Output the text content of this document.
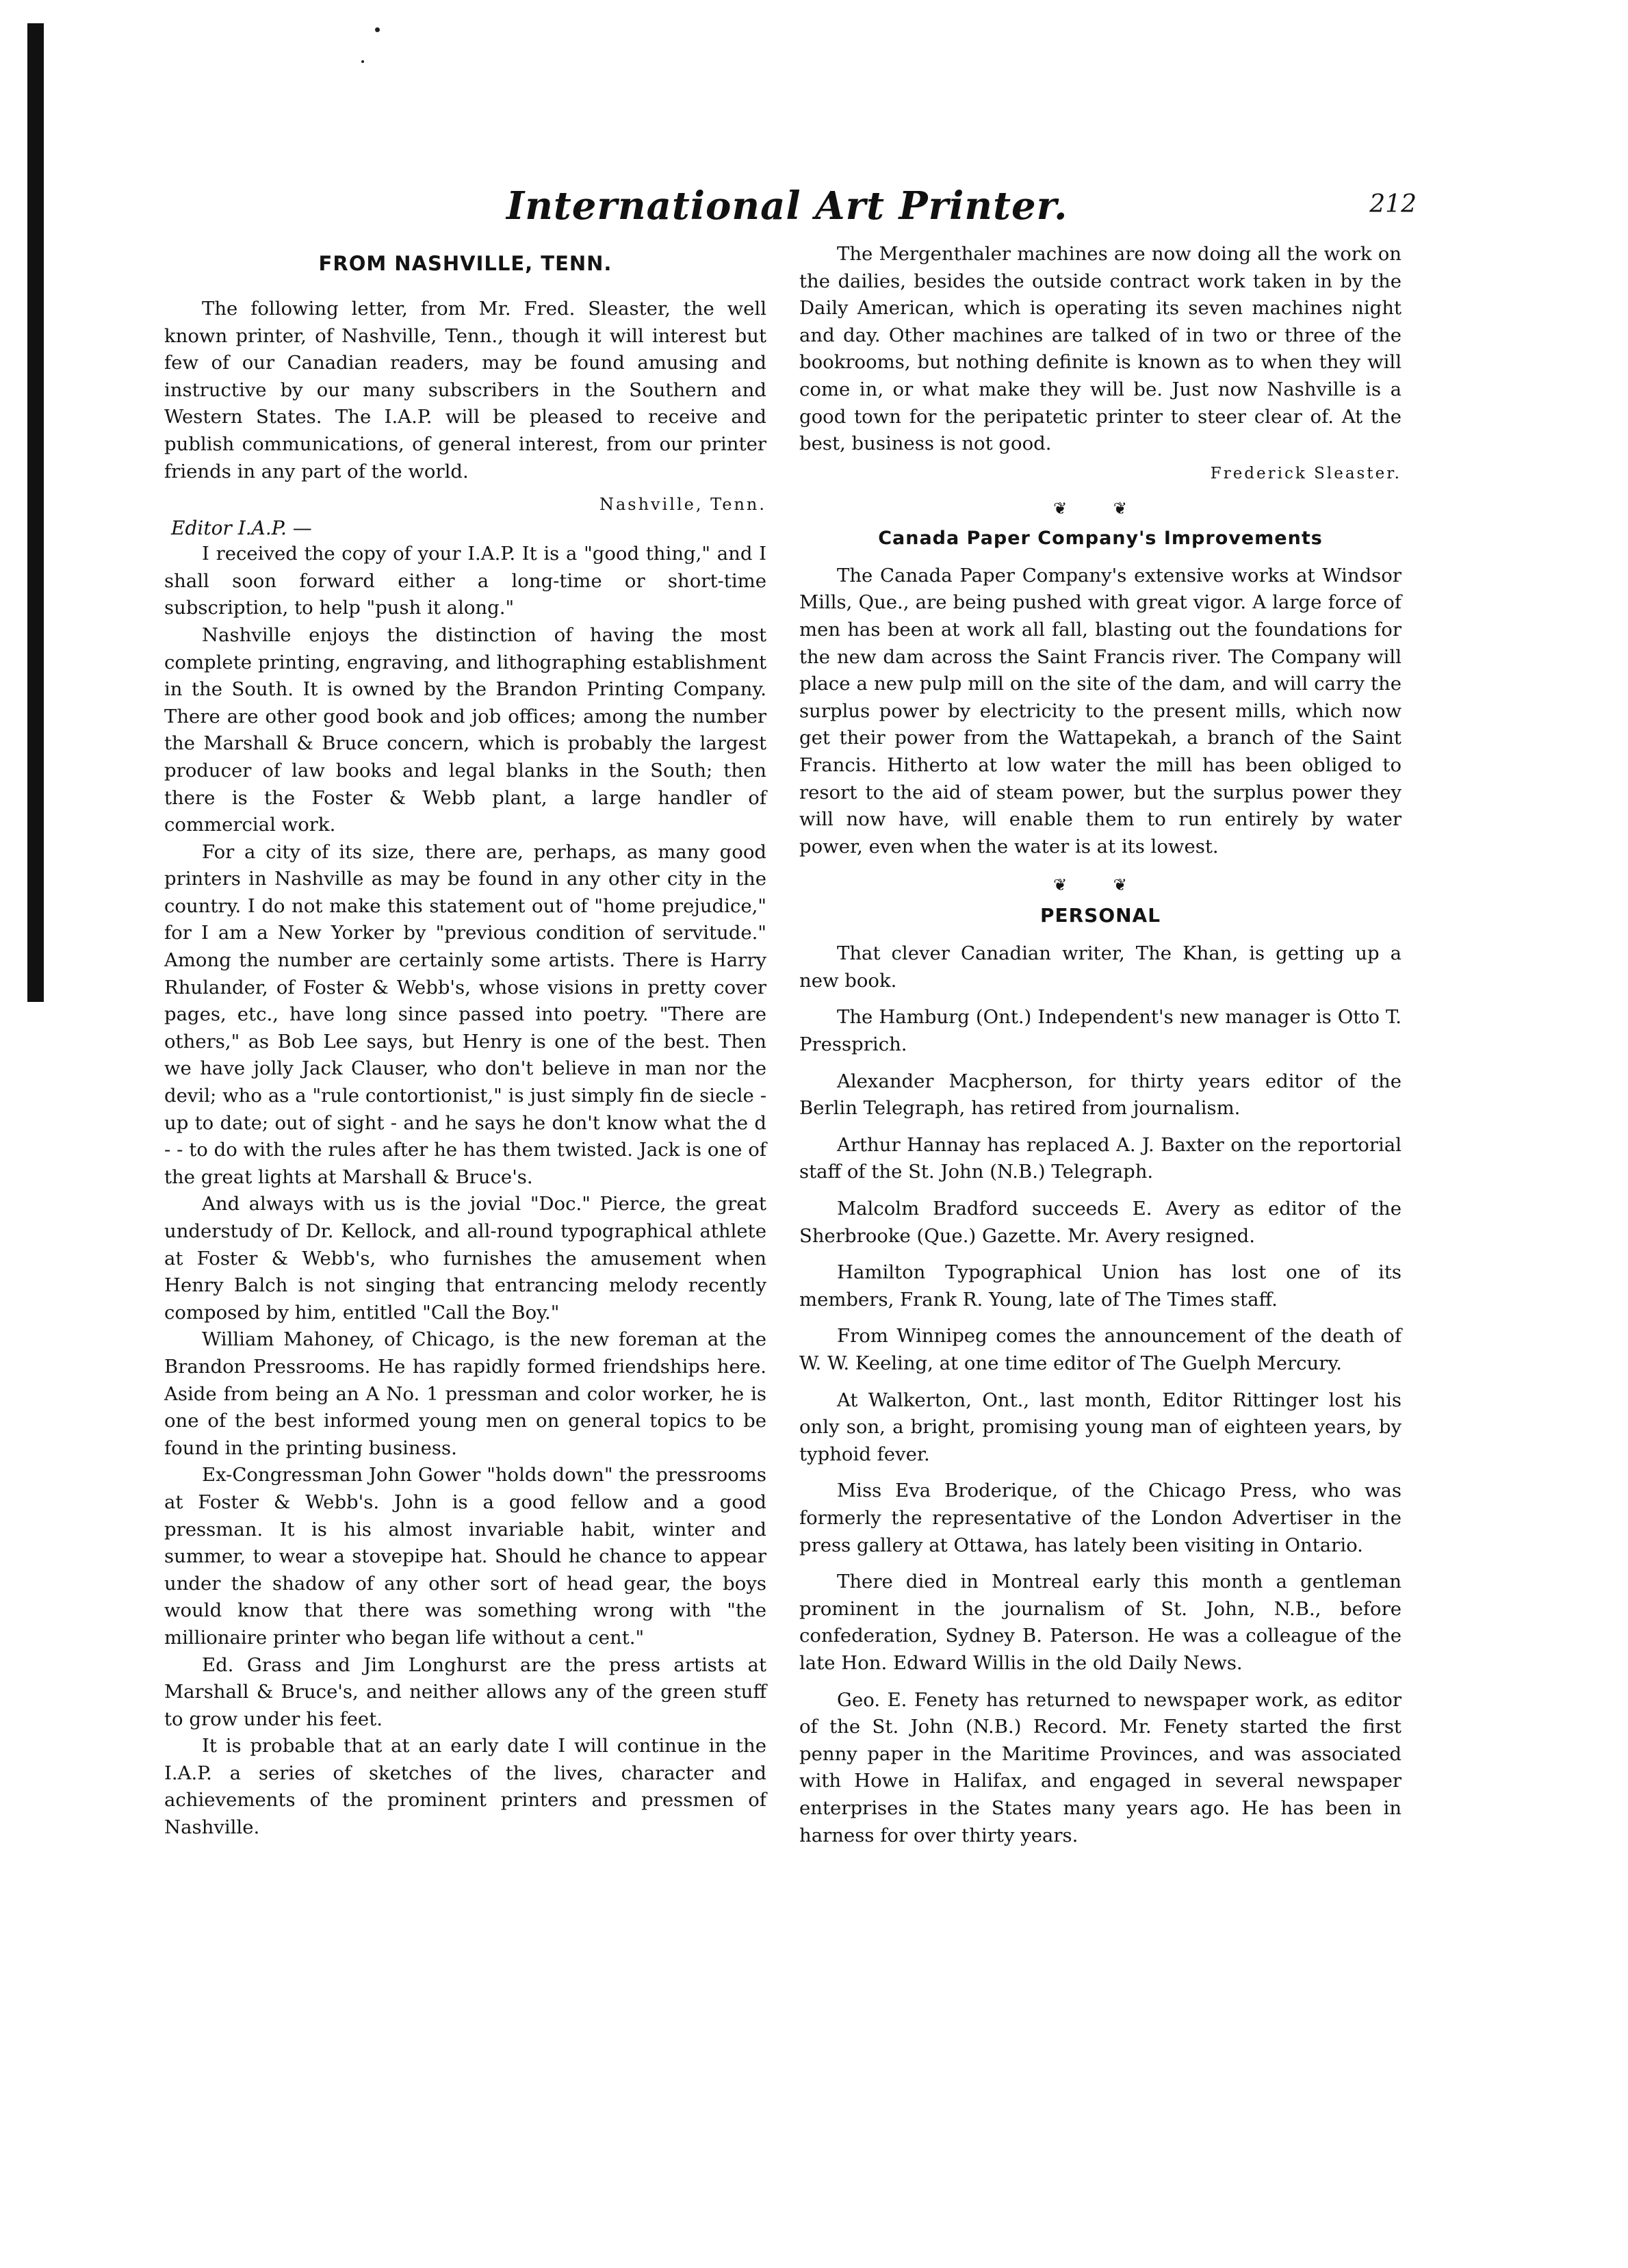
International Art Printer.	212
FROM NASHVILLE, TENN.

The following letter, from Mr. Fred. Sleaster, the well known printer, of Nashville, Tenn., though it will interest but few of our Canadian readers, may be found amusing and instructive by our many subscribers in the Southern and Western States. The I.A.P. will be pleased to receive and publish communications, of general interest, from our printer friends in any part of the world.

Nashville, Tenn.
Editor I.A.P. —

I received the copy of your I.A.P. It is a "good thing," and I shall soon forward either a long-time or short-time subscription, to help "push it along."

Nashville enjoys the distinction of having the most complete printing, engraving, and lithographing establishment in the South. It is owned by the Brandon Printing Company. There are other good book and job offices; among the number the Marshall & Bruce concern, which is probably the largest producer of law books and legal blanks in the South; then there is the Foster & Webb plant, a large handler of commercial work.

For a city of its size, there are, perhaps, as many good printers in Nashville as may be found in any other city in the country. I do not make this statement out of "home prejudice," for I am a New Yorker by "previous condition of servitude." Among the number are certainly some artists. There is Harry Rhulander, of Foster & Webb's, whose visions in pretty cover pages, etc., have long since passed into poetry. "There are others," as Bob Lee says, but Henry is one of the best. Then we have jolly Jack Clauser, who don't believe in man nor the devil; who as a "rule contortionist," is just simply fin de siecle - up to date; out of sight - and he says he don't know what the d - - to do with the rules after he has them twisted. Jack is one of the great lights at Marshall & Bruce's.

And always with us is the jovial "Doc." Pierce, the great understudy of Dr. Kellock, and all-round typographical athlete at Foster & Webb's, who furnishes the amusement when Henry Balch is not singing that entrancing melody recently composed by him, entitled "Call the Boy."

William Mahoney, of Chicago, is the new foreman at the Brandon Pressrooms. He has rapidly formed friendships here. Aside from being an A No. 1 pressman and color worker, he is one of the best informed young men on general topics to be found in the printing business.

Ex-Congressman John Gower "holds down" the pressrooms at Foster & Webb's. John is a good fellow and a good pressman. It is his almost invariable habit, winter and summer, to wear a stovepipe hat. Should he chance to appear under the shadow of any other sort of head gear, the boys would know that there was something wrong with "the millionaire printer who began life without a cent."

Ed. Grass and Jim Longhurst are the press artists at Marshall & Bruce's, and neither allows any of the green stuff to grow under his feet.

It is probable that at an early date I will continue in the I.A.P. a series of sketches of the lives, character and achievements of the prominent printers and pressmen of Nashville.

The Mergenthaler machines are now doing all the work on the dailies, besides the outside contract work taken in by the Daily American, which is operating its seven machines night and day. Other machines are talked of in two or three of the bookrooms, but nothing definite is known as to when they will come in, or what make they will be. Just now Nashville is a good town for the peripatetic printer to steer clear of. At the best, business is not good.

Frederick Sleaster.
❦ ❦
Canada Paper Company's Improvements

The Canada Paper Company's extensive works at Windsor Mills, Que., are being pushed with great vigor. A large force of men has been at work all fall, blasting out the foundations for the new dam across the Saint Francis river. The Company will place a new pulp mill on the site of the dam, and will carry the surplus power by electricity to the present mills, which now get their power from the Wattapekah, a branch of the Saint Francis. Hitherto at low water the mill has been obliged to resort to the aid of steam power, but the surplus power they will now have, will enable them to run entirely by water power, even when the water is at its lowest.

❦ ❦
PERSONAL

That clever Canadian writer, The Khan, is getting up a new book.

The Hamburg (Ont.) Independent's new manager is Otto T. Pressprich.

Alexander Macpherson, for thirty years editor of the Berlin Telegraph, has retired from journalism.

Arthur Hannay has replaced A. J. Baxter on the reportorial staff of the St. John (N.B.) Telegraph.

Malcolm Bradford succeeds E. Avery as editor of the Sherbrooke (Que.) Gazette. Mr. Avery resigned.

Hamilton Typographical Union has lost one of its members, Frank R. Young, late of The Times staff.

From Winnipeg comes the announcement of the death of W. W. Keeling, at one time editor of The Guelph Mercury.

At Walkerton, Ont., last month, Editor Rittinger lost his only son, a bright, promising young man of eighteen years, by typhoid fever.

Miss Eva Broderique, of the Chicago Press, who was formerly the representative of the London Advertiser in the press gallery at Ottawa, has lately been visiting in Ontario.

There died in Montreal early this month a gentleman prominent in the journalism of St. John, N.B., before confederation, Sydney B. Paterson. He was a colleague of the late Hon. Edward Willis in the old Daily News.

Geo. E. Fenety has returned to newspaper work, as editor of the St. John (N.B.) Record. Mr. Fenety started the first penny paper in the Maritime Provinces, and was associated with Howe in Halifax, and engaged in several newspaper enterprises in the States many years ago. He has been in harness for over thirty years.
